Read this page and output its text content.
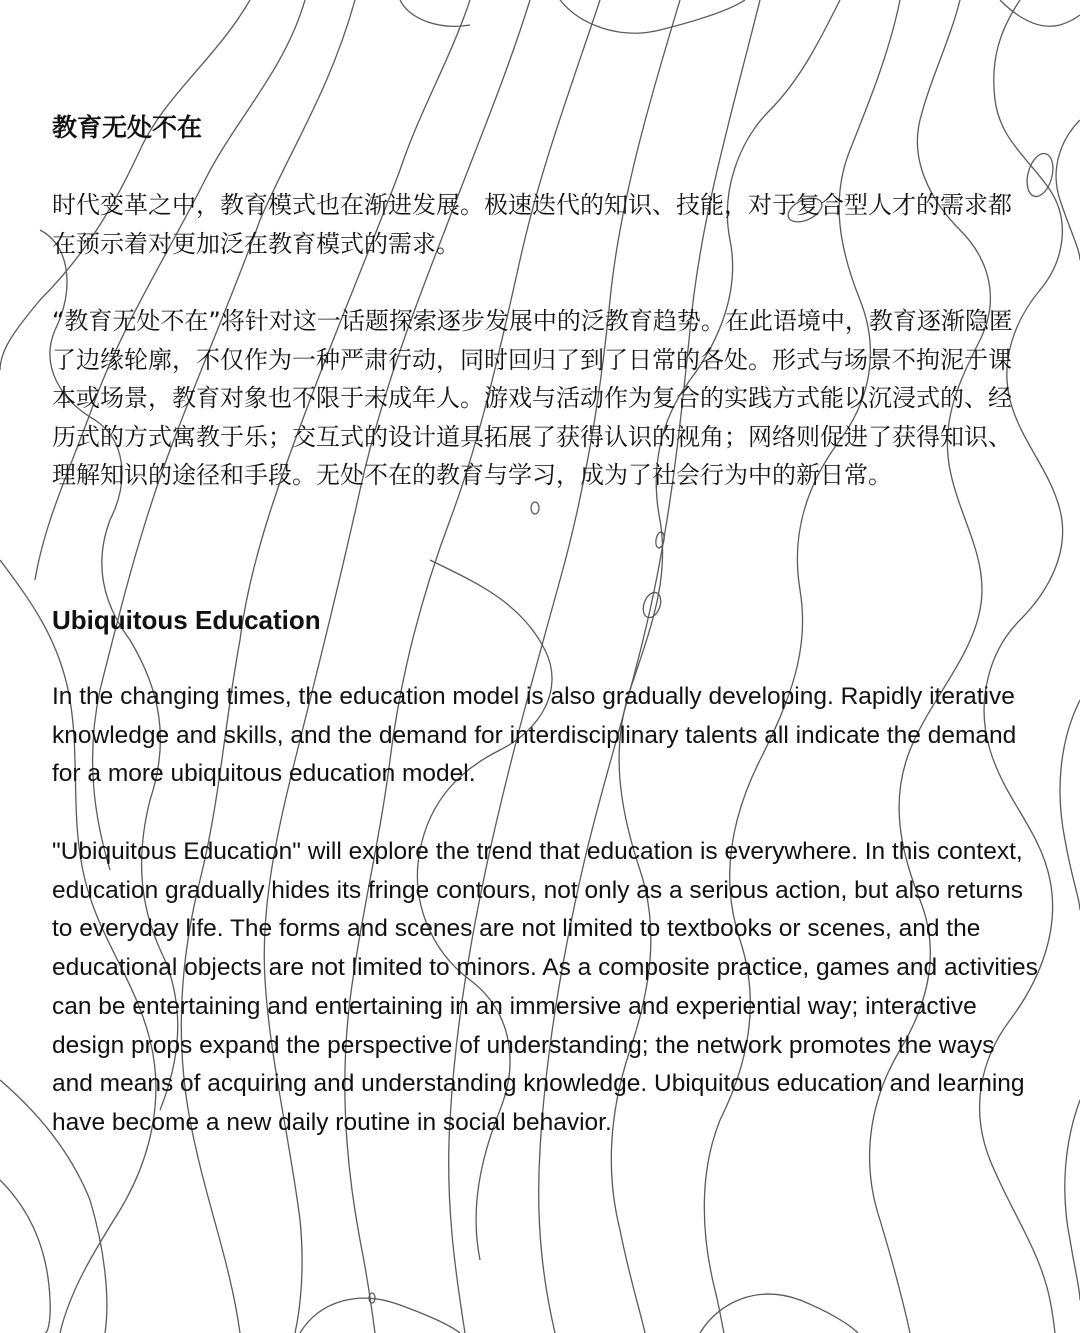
教育无处不在

时代变革之中，教育模式也在渐进发展。极速迭代的知识、技能，对于复合型人才的需求都在预示着对更加泛在教育模式的需求。

“教育无处不在”将针对这一话题探索逐步发展中的泛教育趋势。在此语境中，教育逐渐隐匿了边缘轮廓，不仅作为一种严肃行动，同时回归了到了日常的各处。形式与场景不拘泥于课本或场景，教育对象也不限于未成年人。游戏与活动作为复合的实践方式能以沉浸式的、经历式的方式寓教于乐；交互式的设计道具拓展了获得认识的视角；网络则促进了获得知识、理解知识的途径和手段。无处不在的教育与学习，成为了社会行为中的新日常。

Ubiquitous Education

In the changing times, the education model is also gradually developing. Rapidly iterative knowledge and skills, and the demand for interdisciplinary talents all indicate the demand for a more ubiquitous education model.

"Ubiquitous Education" will explore the trend that education is everywhere. In this context, education gradually hides its fringe contours, not only as a serious action, but also returns to everyday life. The forms and scenes are not limited to textbooks or scenes, and the educational objects are not limited to minors. As a composite practice, games and activities can be entertaining and entertaining in an immersive and experiential way; interactive design props expand the perspective of understanding; the network promotes the ways and means of acquiring and understanding knowledge. Ubiquitous education and learning have become a new daily routine in social behavior.
